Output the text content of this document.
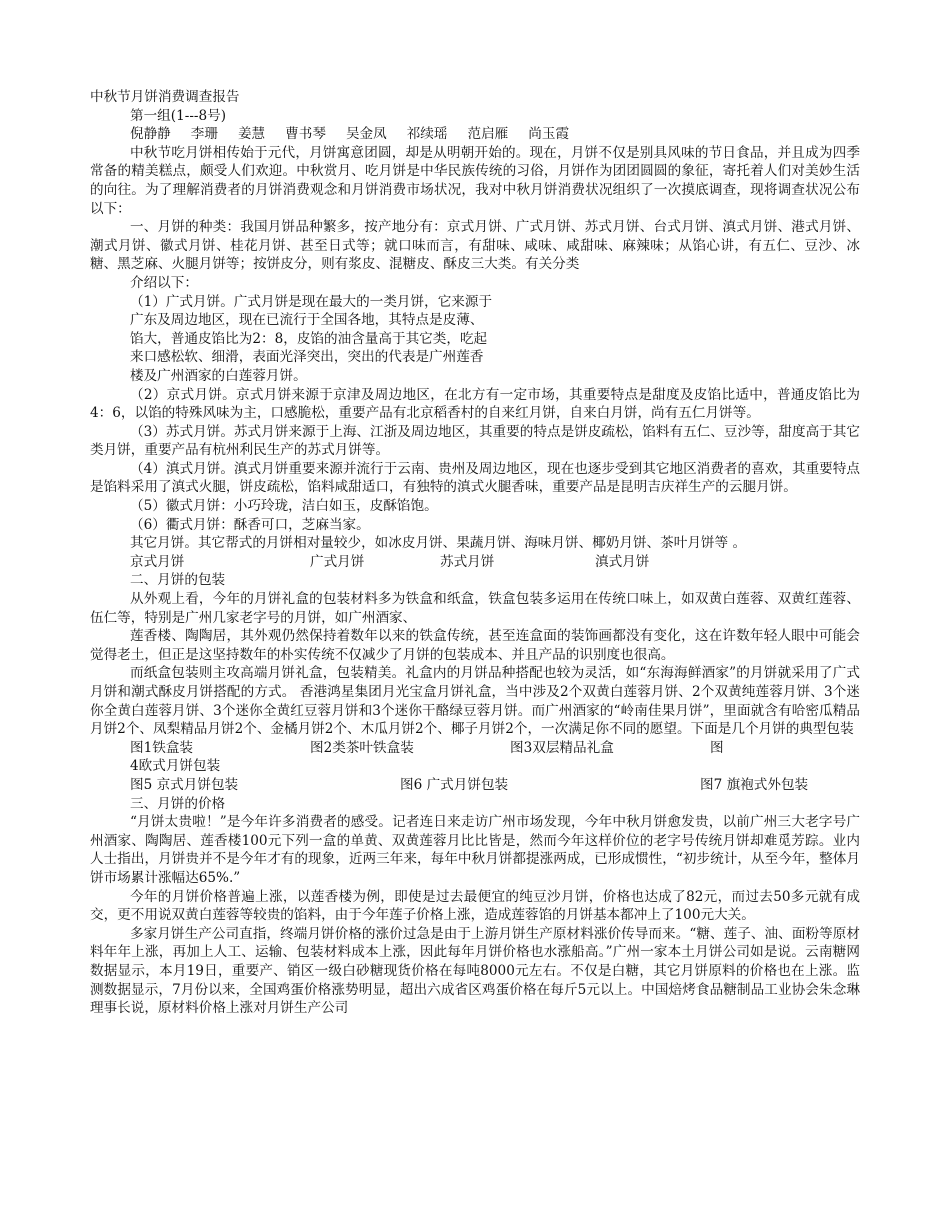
中秋节月饼消费调查报告

第一组(1---8号)

倪静静 李珊 姜慧 曹书琴 吴金凤 祁续瑶 范启雁 尚玉霞

中秋节吃月饼相传始于元代，月饼寓意团圆，却是从明朝开始的。现在，月饼不仅是别具风味的节日食品，并且成为四季常备的精美糕点，颇受人们欢迎。中秋赏月、吃月饼是中华民族传统的习俗，月饼作为团团圆圆的象征，寄托着人们对美妙生活的向往。为了理解消费者的月饼消费观念和月饼消费市场状况，我对中秋月饼消费状况组织了一次摸底调查，现将调查状况公布以下：

一、月饼的种类：我国月饼品种繁多，按产地分有：京式月饼、广式月饼、苏式月饼、台式月饼、滇式月饼、港式月饼、潮式月饼、徽式月饼、桂花月饼、甚至日式等；就口味而言，有甜味、咸味、咸甜味、麻辣味；从馅心讲，有五仁、豆沙、冰糖、黑芝麻、火腿月饼等；按饼皮分，则有浆皮、混糖皮、酥皮三大类。有关分类

介绍以下：

（1）广式月饼。广式月饼是现在最大的一类月饼，它来源于

广东及周边地区，现在已流行于全国各地，其特点是皮薄、

馅大，普通皮馅比为2：8，皮馅的油含量高于其它类，吃起

来口感松软、细滑，表面光泽突出，突出的代表是广州莲香

楼及广州酒家的白莲蓉月饼。

（2）京式月饼。京式月饼来源于京津及周边地区，在北方有一定市场，其重要特点是甜度及皮馅比适中，普通皮馅比为4：6，以馅的特殊风味为主，口感脆松，重要产品有北京稻香村的自来红月饼，自来白月饼，尚有五仁月饼等。

（3）苏式月饼。苏式月饼来源于上海、江浙及周边地区，其重要的特点是饼皮疏松，馅料有五仁、豆沙等，甜度高于其它类月饼，重要产品有杭州利民生产的苏式月饼等。

（4）滇式月饼。滇式月饼重要来源并流行于云南、贵州及周边地区，现在也逐步受到其它地区消费者的喜欢，其重要特点是馅料采用了滇式火腿，饼皮疏松，馅料咸甜适口，有独特的滇式火腿香味，重要产品是昆明吉庆祥生产的云腿月饼。

（5）徽式月饼：小巧玲珑，洁白如玉，皮酥馅饱。

（6）衢式月饼：酥香可口，芝麻当家。

其它月饼。其它帮式的月饼相对量较少，如冰皮月饼、果蔬月饼、海味月饼、椰奶月饼、茶叶月饼等 。

京式月饼	广式月饼	苏式月饼	滇式月饼

二、月饼的包装

从外观上看，今年的月饼礼盒的包装材料多为铁盒和纸盒，铁盒包装多运用在传统口味上，如双黄白莲蓉、双黄红莲蓉、伍仁等，特别是广州几家老字号的月饼，如广州酒家、

莲香楼、陶陶居，其外观仍然保持着数年以来的铁盒传统，甚至连盒面的装饰画都没有变化，这在许数年轻人眼中可能会觉得老土，但正是这坚持数年的朴实传统不仅减少了月饼的包装成本、并且产品的识别度也很高。

而纸盒包装则主攻高端月饼礼盒，包装精美。礼盒内的月饼品种搭配也较为灵活，如“东海海鲜酒家”的月饼就采用了广式月饼和潮式酥皮月饼搭配的方式。 香港鸿星集团月光宝盒月饼礼盒，当中涉及2个双黄白莲蓉月饼、2个双黄纯莲蓉月饼、3个迷你全黄白莲蓉月饼、3个迷你全黄红豆蓉月饼和3个迷你干酪绿豆蓉月饼。而广州酒家的“岭南佳果月饼”，里面就含有哈密瓜精品月饼2个、凤梨精品月饼2个、金橘月饼2个、木瓜月饼2个、椰子月饼2个，一次满足你不同的愿望。下面是几个月饼的典型包装

图1铁盒装	图2类茶叶铁盒装	图3双层精品礼盒	图

4欧式月饼包装

图5 京式月饼包装	图6 广式月饼包装	图7 旗袍式外包装

三、月饼的价格

“月饼太贵啦！”是今年许多消费者的感受。记者连日来走访广州市场发现，今年中秋月饼愈发贵，以前广州三大老字号广州酒家、陶陶居、莲香楼100元下列一盒的单黄、双黄莲蓉月比比皆是，然而今年这样价位的老字号传统月饼却难觅芳踪。业内人士指出，月饼贵并不是今年才有的现象，近两三年来，每年中秋月饼都提涨两成，已形成惯性，“初步统计，从至今年，整体月饼市场累计涨幅达65%.”

今年的月饼价格普遍上涨，以莲香楼为例，即使是过去最便宜的纯豆沙月饼，价格也达成了82元，而过去50多元就有成交，更不用说双黄白莲蓉等较贵的馅料，由于今年莲子价格上涨，造成莲蓉馅的月饼基本都冲上了100元大关。

多家月饼生产公司直指，终端月饼价格的涨价过急是由于上游月饼生产原材料涨价传导而来。“糖、莲子、油、面粉等原材料年年上涨，再加上人工、运输、包装材料成本上涨，因此每年月饼价格也水涨船高。”广州一家本土月饼公司如是说。云南糖网数据显示，本月19日，重要产、销区一级白砂糖现货价格在每吨8000元左右。不仅是白糖，其它月饼原料的价格也在上涨。监测数据显示，7月份以来，全国鸡蛋价格涨势明显，超出六成省区鸡蛋价格在每斤5元以上。中国焙烤食品糖制品工业协会朱念琳理事长说，原材料价格上涨对月饼生产公司
